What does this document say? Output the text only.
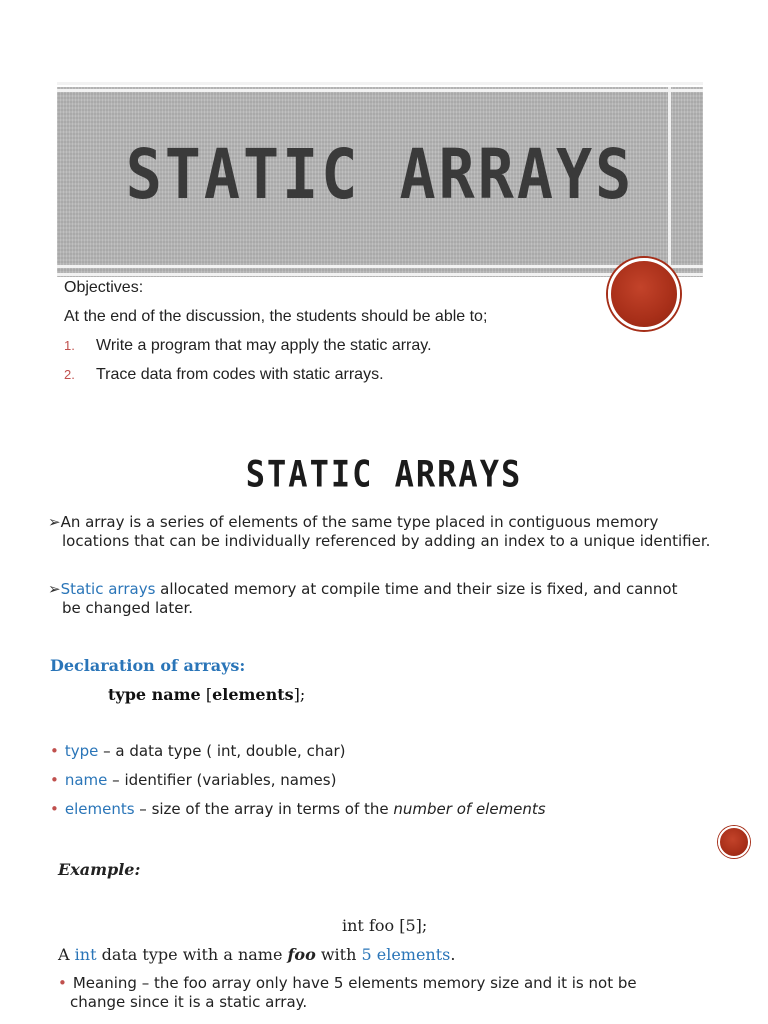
STATIC ARRAYS
Objectives:
At the end of the discussion, the students should be able to;
1. Write a program that may apply the static array.
2. Trace data from codes with static arrays.
STATIC ARRAYS
➢An array is a series of elements of the same type placed in contiguous memory
locations that can be individually referenced by adding an index to a unique identifier.
➢Static arrays allocated memory at compile time and their size is fixed, and cannot
be changed later.
Declaration of arrays:
type name [elements];
• type – a data type ( int, double, char)
• name – identifier (variables, names)
• elements – size of the array in terms of the number of elements
Example:
int foo [5];
A int data type with a name foo with 5 elements.
• Meaning – the foo array only have 5 elements memory size and it is not be
change since it is a static array.
